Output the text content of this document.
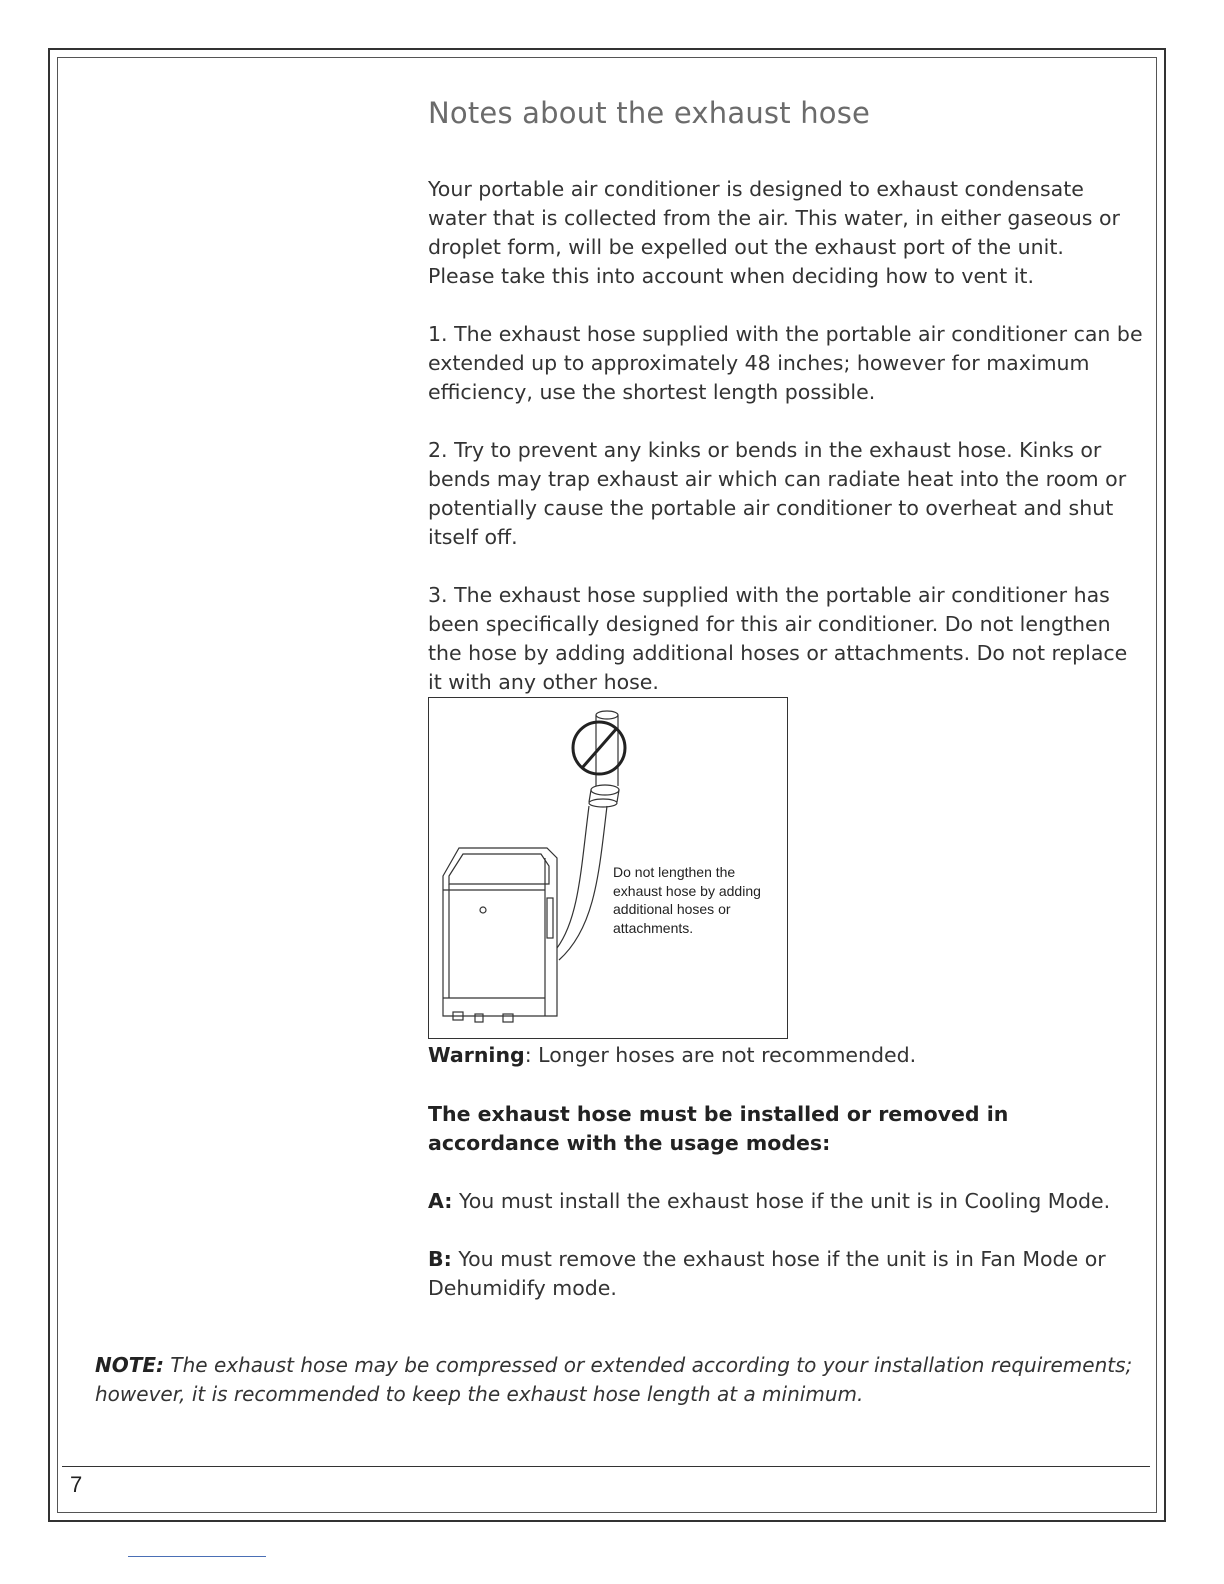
Notes about the exhaust hose

Your portable air conditioner is designed to exhaust condensate water that is collected from the air. This water, in either gaseous or droplet form, will be expelled out the exhaust port of the unit.

Please take this into account when deciding how to vent it.

1. The exhaust hose supplied with the portable air conditioner can be extended up to approximately 48 inches; however for maximum efficiency, use the shortest length possible.

2. Try to prevent any kinks or bends in the exhaust hose. Kinks or bends may trap exhaust air which can radiate heat into the room or potentially cause the portable air conditioner to overheat and shut itself off.

3. The exhaust hose supplied with the portable air conditioner has been specifically designed for this air conditioner. Do not lengthen the hose by adding additional hoses or attachments. Do not replace it with any other hose.

Do not lengthen the exhaust hose by adding additional hoses or attachments.

Warning: Longer hoses are not recommended.

The exhaust hose must be installed or removed in accordance with the usage modes:

A: You must install the exhaust hose if the unit is in Cooling Mode.

B: You must remove the exhaust hose if the unit is in Fan Mode or Dehumidify mode.

NOTE: The exhaust hose may be compressed or extended according to your installation requirements; however, it is recommended to keep the exhaust hose length at a minimum.
7
